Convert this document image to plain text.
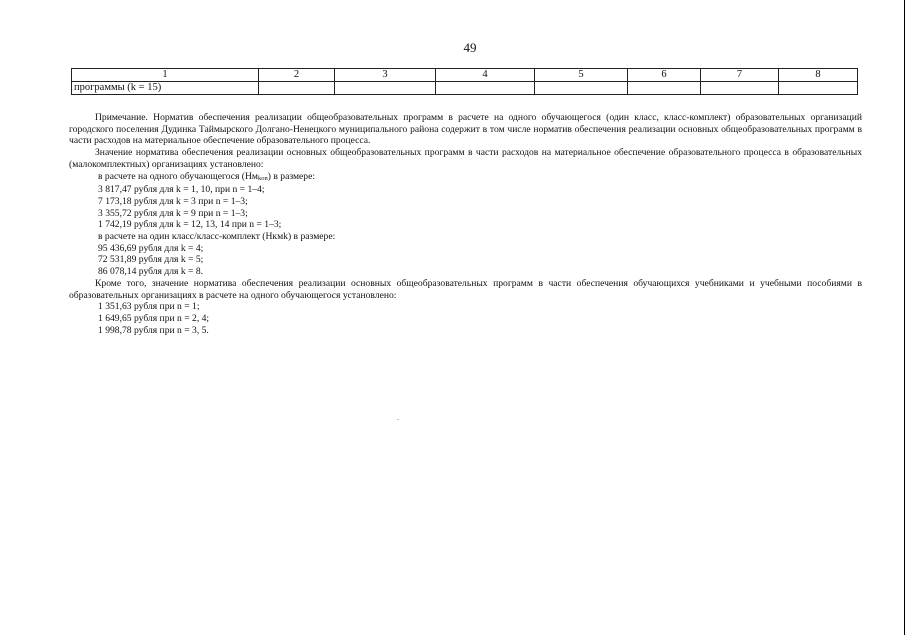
49
1	2	3	4	5	6	7	8
программы (k = 15)							

Примечание. Норматив обеспечения реализации общеобразовательных программ в расчете на одного обучающегося (один класс, класс-комплект) образовательных организаций городского поселения Дудинка Таймырского Долгано-Ненецкого муниципального района содержит в том числе норматив обеспечения реализации основных общеобразовательных программ в части расходов на материальное обеспечение образовательного процесса.

Значение норматива обеспечения реализации основных общеобразовательных программ в части расходов на материальное обеспечение образовательного процесса в образовательных (малокомплектных) организациях установлено:

в расчете на одного обучающегося $(Нм_{kon})$ в размере:

3 817,47 рубля для k = 1, 10, при n = 1–4;

7 173,18 рубля для k = 3 при n = 1–3;

3 355,72 рубля для k = 9 при n = 1–3;

1 742,19 рубля для k = 12, 13, 14 при n = 1–3;

в расчете на один класс/класс-комплект (Нкмk) в размере:

95 436,69 рубля для k = 4;

72 531,89 рубля для k = 5;

86 078,14 рубля для k = 8.

Кроме того, значение норматива обеспечения реализации основных общеобразовательных программ в части обеспечения обучающихся учебниками и учебными пособиями в образовательных организациях в расчете на одного обучающегося установлено:

1 351,63 рубля при n = 1;

1 649,65 рубля при n = 2, 4;

1 998,78 рубля при n = 3, 5.
